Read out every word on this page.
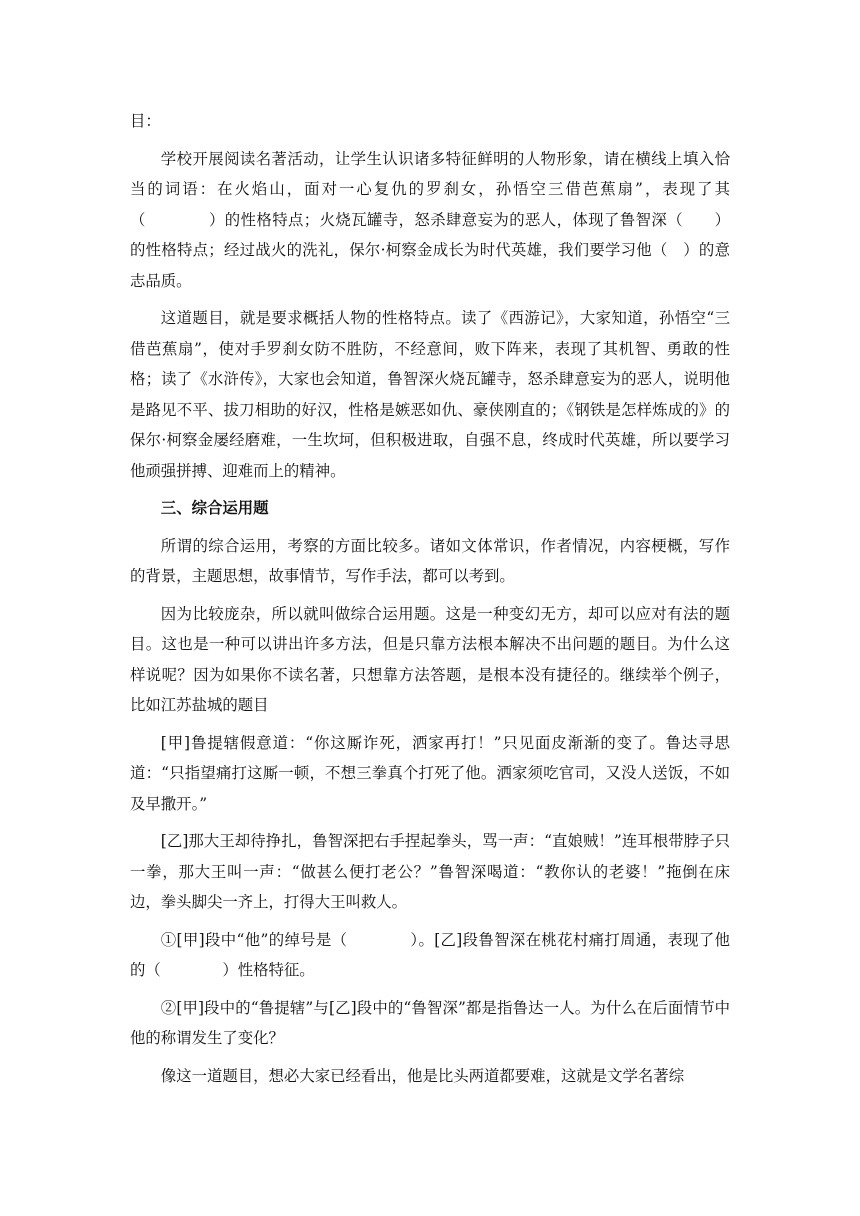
目：

学校开展阅读名著活动，让学生认识诸多特征鲜明的人物形象，请在横线上填入恰当的词语：在火焰山，面对一心复仇的罗刹女，孙悟空三借芭蕉扇”，表现了其（　　　　）的性格特点；火烧瓦罐寺，怒杀肆意妄为的恶人，体现了鲁智深（　　）的性格特点；经过战火的洗礼，保尔·柯察金成长为时代英雄，我们要学习他（　）的意志品质。

这道题目，就是要求概括人物的性格特点。读了《西游记》，大家知道，孙悟空“三借芭蕉扇”，使对手罗刹女防不胜防，不经意间，败下阵来，表现了其机智、勇敢的性格；读了《水浒传》，大家也会知道，鲁智深火烧瓦罐寺，怒杀肆意妄为的恶人，说明他是路见不平、拔刀相助的好汉，性格是嫉恶如仇、豪侠刚直的；《钢铁是怎样炼成的》的保尔·柯察金屡经磨难，一生坎坷，但积极进取，自强不息，终成时代英雄，所以要学习他顽强拼搏、迎难而上的精神。

三、综合运用题

所谓的综合运用，考察的方面比较多。诸如文体常识，作者情况，内容梗概，写作的背景，主题思想，故事情节，写作手法，都可以考到。

因为比较庞杂，所以就叫做综合运用题。这是一种变幻无方，却可以应对有法的题目。这也是一种可以讲出许多方法，但是只靠方法根本解决不出问题的题目。为什么这样说呢？因为如果你不读名著，只想靠方法答题，是根本没有捷径的。继续举个例子，比如江苏盐城的题目

[甲]鲁提辖假意道：“你这厮诈死，洒家再打！”只见面皮渐渐的变了。鲁达寻思道：“只指望痛打这厮一顿，不想三拳真个打死了他。洒家须吃官司，又没人送饭，不如及早撒开。”

[乙]那大王却待挣扎，鲁智深把右手捏起拳头，骂一声：“直娘贼！”连耳根带脖子只一拳，那大王叫一声：“做甚么便打老公？”鲁智深喝道：“教你认的老婆！”拖倒在床边，拳头脚尖一齐上，打得大王叫救人。

①[甲]段中“他”的绰号是（　　　　）。[乙]段鲁智深在桃花村痛打周通，表现了他的（　　　　）性格特征。

②[甲]段中的“鲁提辖”与[乙]段中的“鲁智深”都是指鲁达一人。为什么在后面情节中他的称谓发生了变化？

像这一道题目，想必大家已经看出，他是比头两道都要难，这就是文学名著综
